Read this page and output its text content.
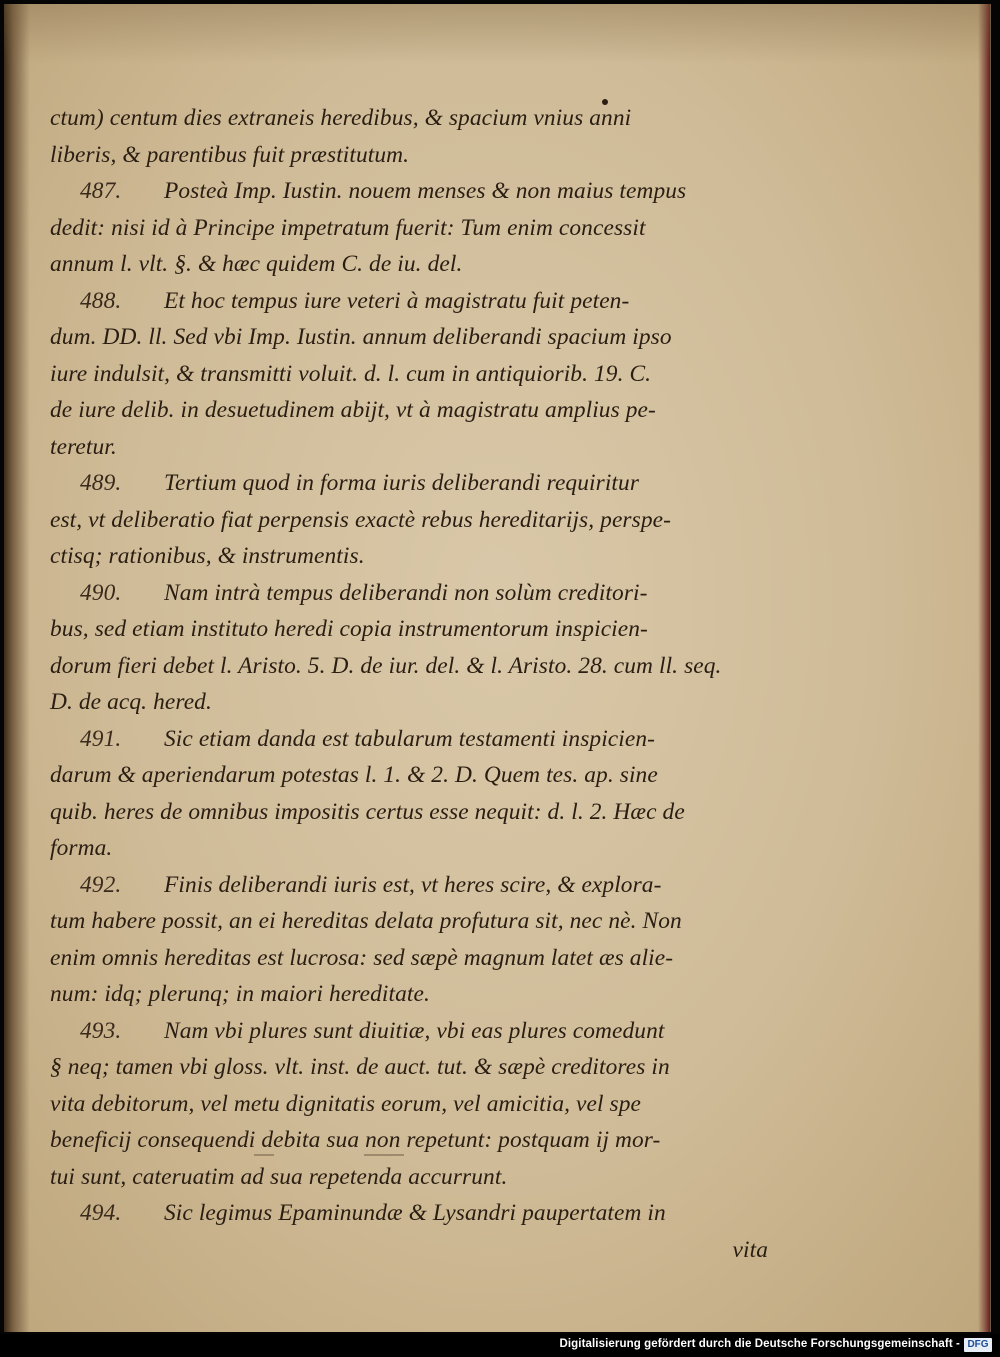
ctum) centum dies extraneis heredibus, & spacium vnius anni
liberis, & parentibus fuit præstitutum.
487. Posteà Imp. Iustin. nouem menses & non maius tempus
dedit: nisi id à Principe impetratum fuerit: Tum enim concessit
annum l. vlt. §. & hæc quidem C. de iu. del.
488. Et hoc tempus iure veteri à magistratu fuit peten-
dum. DD. ll. Sed vbi Imp. Iustin. annum deliberandi spacium ipso
iure indulsit, & transmitti voluit. d. l. cum in antiquiorib. 19. C.
de iure delib. in desuetudinem abijt, vt à magistratu amplius pe-
teretur.
489. Tertium quod in forma iuris deliberandi requiritur
est, vt deliberatio fiat perpensis exactè rebus hereditarijs, perspe-
ctisq; rationibus, & instrumentis.
490. Nam intrà tempus deliberandi non solùm creditori-
bus, sed etiam instituto heredi copia instrumentorum inspicien-
dorum fieri debet l. Aristo. 5. D. de iur. del. & l. Aristo. 28. cum ll. seq.
D. de acq. hered.
491. Sic etiam danda est tabularum testamenti inspicien-
darum & aperiendarum potestas l. 1. & 2. D. Quem tes. ap. sine
quib. heres de omnibus impositis certus esse nequit: d. l. 2. Hæc de
forma.
492. Finis deliberandi iuris est, vt heres scire, & explora-
tum habere possit, an ei hereditas delata profutura sit, nec nè. Non
enim omnis hereditas est lucrosa: sed sæpè magnum latet æs alie-
num: idq; plerunq; in maiori hereditate.
493. Nam vbi plures sunt diuitiæ, vbi eas plures comedunt
§ neq; tamen vbi gloss. vlt. inst. de auct. tut. & sæpè creditores in
vita debitorum, vel metu dignitatis eorum, vel amicitia, vel spe
beneficij consequendi debita sua non repetunt: postquam ij mor-
tui sunt, cateruatim ad sua repetenda accurrunt.
494. Sic legimus Epaminundæ & Lysandri paupertatem in
vita
Digitalisierung gefördert durch die Deutsche Forschungsgemeinschaft - DFG
